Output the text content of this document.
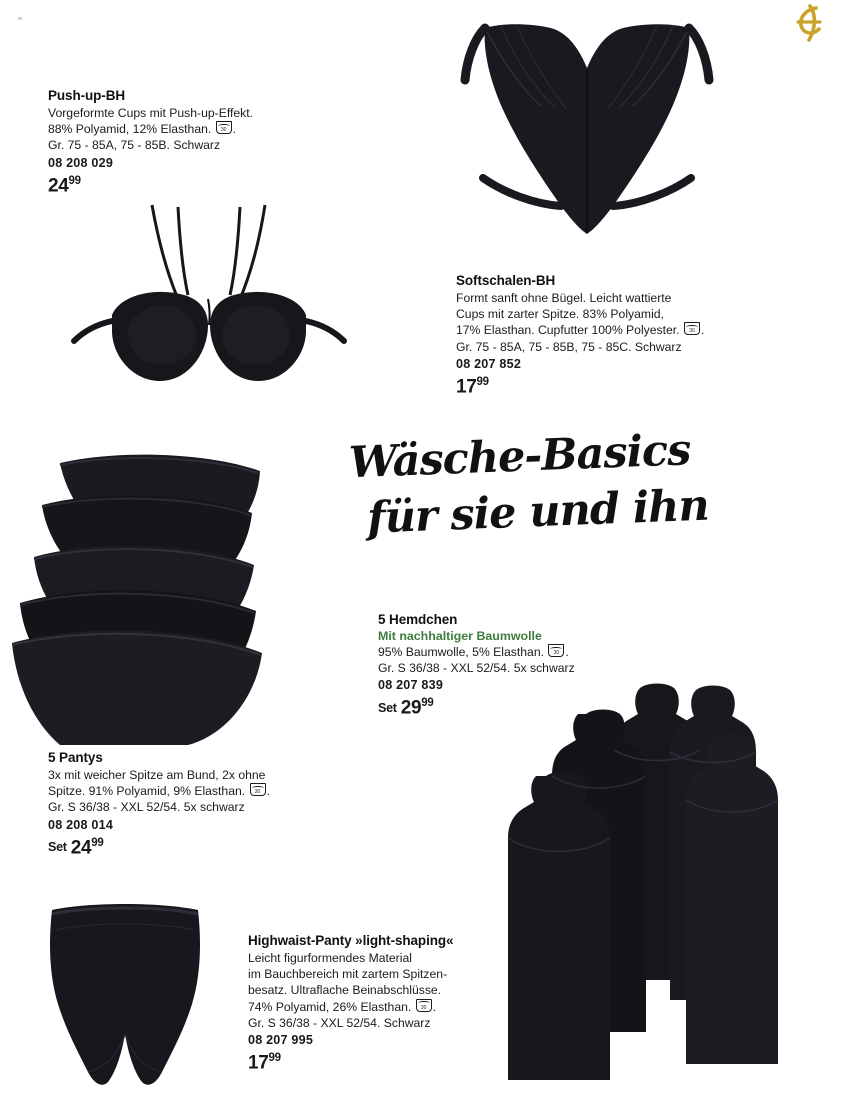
≡
Push-up-BH
Vorgeformte Cups mit Push-up-Effekt.
88% Polyamid, 12% Elasthan. 30 .
Gr. 75 - 85A, 75 - 85B. Schwarz
08 208 029
$24^{99}$
Softschalen-BH
Formt sanft ohne Bügel. Leicht wattierte
Cups mit zarter Spitze. 83% Polyamid,
17% Elasthan. Cupfutter 100% Polyester. 30 .
Gr. 75 - 85A, 75 - 85B, 75 - 85C. Schwarz
08 207 852
$17^{99}$
Wäsche-Basics
für sie und ihn
5 Hemdchen
Mit nachhaltiger Baumwolle
95% Baumwolle, 5% Elasthan. 30 .
Gr. S 36/38 - XXL 52/54. 5x schwarz
08 207 839
Set $29^{99}$
5 Pantys
3x mit weicher Spitze am Bund, 2x ohne
Spitze. 91% Polyamid, 9% Elasthan. 30 .
Gr. S 36/38 - XXL 52/54. 5x schwarz
08 208 014
Set $24^{99}$
Highwaist-Panty »light-shaping«
Leicht figurformendes Material
im Bauchbereich mit zartem Spitzen-
besatz. Ultraflache Beinabschlüsse.
74% Polyamid, 26% Elasthan. 30 .
Gr. S 36/38 - XXL 52/54. Schwarz
08 207 995
$17^{99}$
